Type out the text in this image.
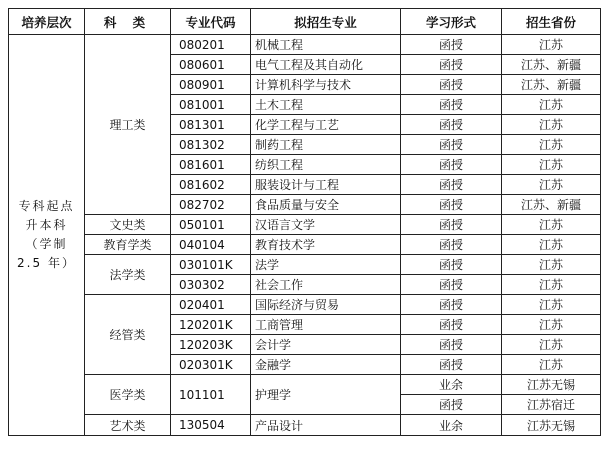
培养层次	科 类	专业代码	拟招生专业	学习形式	招生省份
专科起点升本科（学制 2.5 年）	理工类	080201	机械工程	函授	江苏
		080601	电气工程及其自动化	函授	江苏、新疆
		080901	计算机科学与技术	函授	江苏、新疆
		081001	土木工程	函授	江苏
		081301	化学工程与工艺	函授	江苏
		081302	制药工程	函授	江苏
		081601	纺织工程	函授	江苏
		081602	服装设计与工程	函授	江苏
		082702	食品质量与安全	函授	江苏、新疆
	文史类	050101	汉语言文学	函授	江苏
	教育学类	040104	教育技术学	函授	江苏
	法学类	030101K	法学	函授	江苏
		030302	社会工作	函授	江苏
	经管类	020401	国际经济与贸易	函授	江苏
		120201K	工商管理	函授	江苏
		120203K	会计学	函授	江苏
		020301K	金融学	函授	江苏
	医学类	101101	护理学	业余	江苏无锡
				函授	江苏宿迁
	艺术类	130504	产品设计	业余	江苏无锡
